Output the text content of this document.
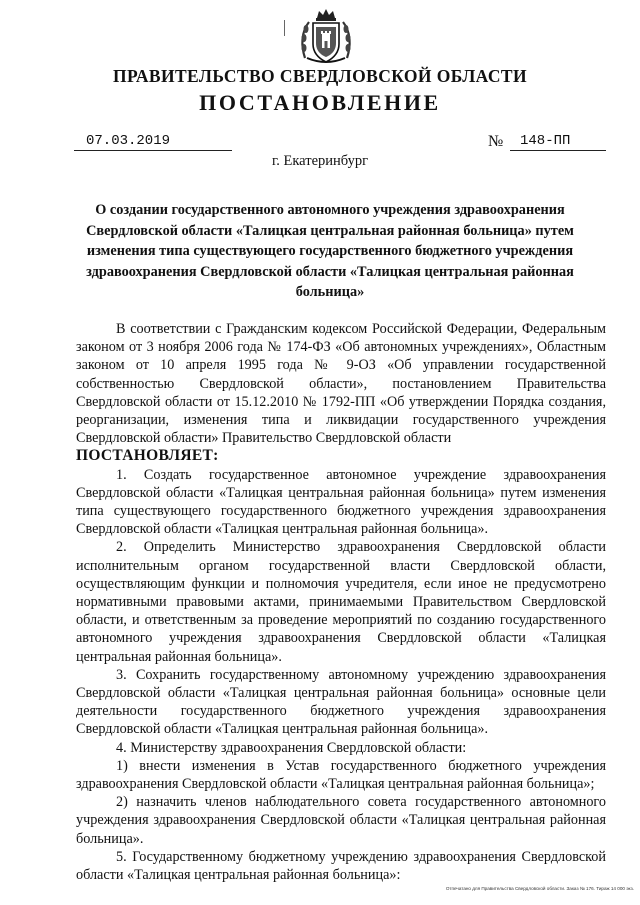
ПРАВИТЕЛЬСТВО СВЕРДЛОВСКОЙ ОБЛАСТИ
ПОСТАНОВЛЕНИЕ
07.03.2019	№ 148-ПП
г. Екатеринбург
О создании государственного автономного учреждения здравоохранения Свердловской области «Талицкая центральная районная больница» путем изменения типа существующего государственного бюджетного учреждения здравоохранения Свердловской области «Талицкая центральная районная больница»

В соответствии с Гражданским кодексом Российской Федерации, Федеральным законом от 3 ноября 2006 года № 174-ФЗ «Об автономных учреждениях», Областным законом от 10 апреля 1995 года № 9-ОЗ «Об управлении государственной собственностью Свердловской области», постановлением Правительства Свердловской области от 15.12.2010 № 1792-ПП «Об утверждении Порядка создания, реорганизации, изменения типа и ликвидации государственного учреждения Свердловской области» Правительство Свердловской области

ПОСТАНОВЛЯЕТ:

1. Создать государственное автономное учреждение здравоохранения Свердловской области «Талицкая центральная районная больница» путем изменения типа существующего государственного бюджетного учреждения здравоохранения Свердловской области «Талицкая центральная районная больница».

2. Определить Министерство здравоохранения Свердловской области исполнительным органом государственной власти Свердловской области, осуществляющим функции и полномочия учредителя, если иное не предусмотрено нормативными правовыми актами, принимаемыми Правительством Свердловской области, и ответственным за проведение мероприятий по созданию государственного автономного учреждения здравоохранения Свердловской области «Талицкая центральная районная больница».

3. Сохранить государственному автономному учреждению здравоохранения Свердловской области «Талицкая центральная районная больница» основные цели деятельности государственного бюджетного учреждения здравоохранения Свердловской области «Талицкая центральная районная больница».

4. Министерству здравоохранения Свердловской области:

1) внести изменения в Устав государственного бюджетного учреждения здравоохранения Свердловской области «Талицкая центральная районная больница»;

2) назначить членов наблюдательного совета государственного автономного учреждения здравоохранения Свердловской области «Талицкая центральная районная больница».

5. Государственному бюджетному учреждению здравоохранения Свердловской области «Талицкая центральная районная больница»:

Отпечатано для Правительства Свердловской области. Заказ № 176. Тираж 14 000 экз.
